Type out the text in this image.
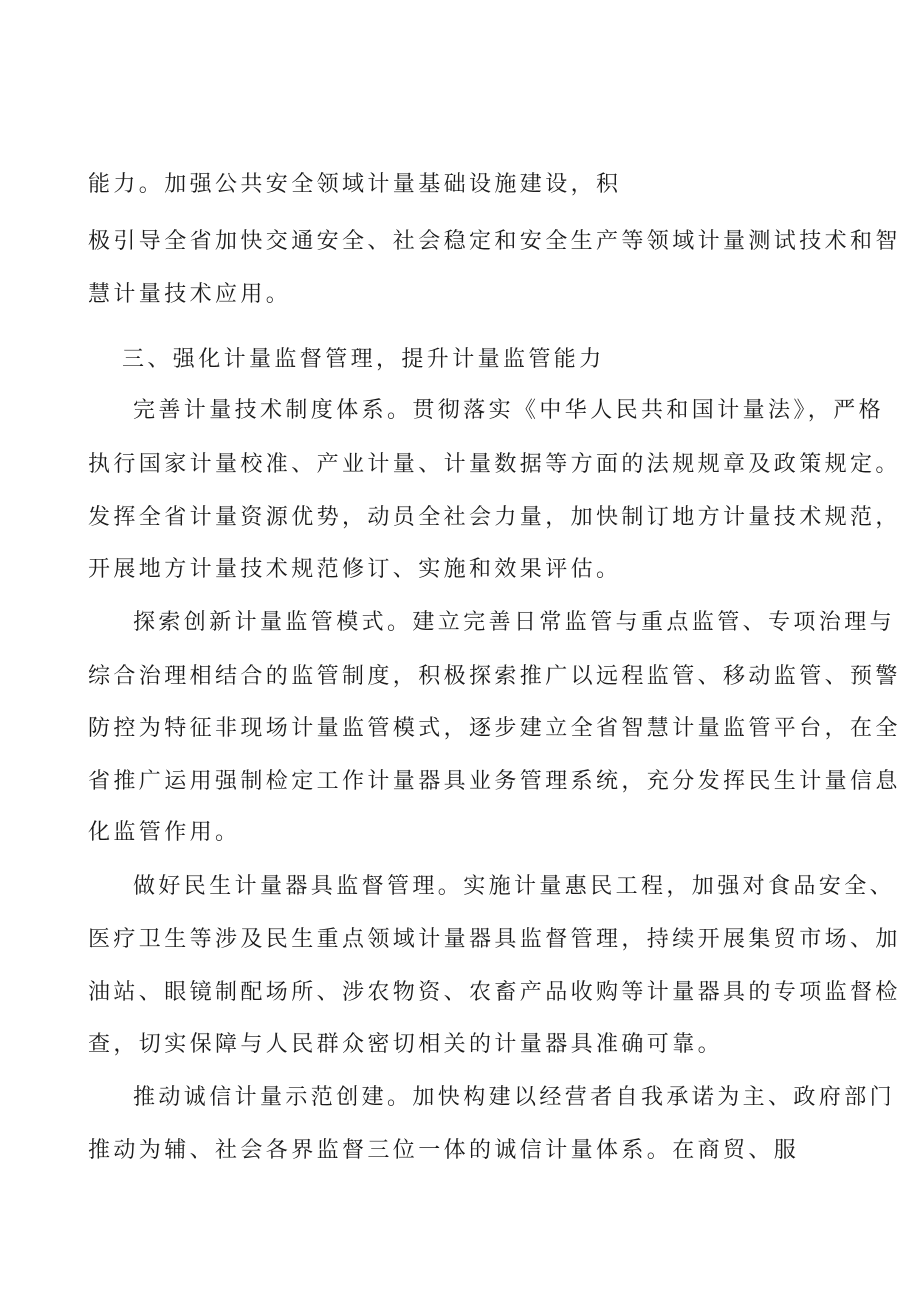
能力。加强公共安全领域计量基础设施建设，积
极引导全省加快交通安全、社会稳定和安全生产等领域计量测试技术和智
慧计量技术应用。
三、强化计量监督管理，提升计量监管能力
完善计量技术制度体系。贯彻落实《中华人民共和国计量法》，严格
执行国家计量校准、产业计量、计量数据等方面的法规规章及政策规定。
发挥全省计量资源优势，动员全社会力量，加快制订地方计量技术规范，
开展地方计量技术规范修订、实施和效果评估。
探索创新计量监管模式。建立完善日常监管与重点监管、专项治理与
综合治理相结合的监管制度，积极探索推广以远程监管、移动监管、预警
防控为特征非现场计量监管模式，逐步建立全省智慧计量监管平台，在全
省推广运用强制检定工作计量器具业务管理系统，充分发挥民生计量信息
化监管作用。
做好民生计量器具监督管理。实施计量惠民工程，加强对食品安全、
医疗卫生等涉及民生重点领域计量器具监督管理，持续开展集贸市场、加
油站、眼镜制配场所、涉农物资、农畜产品收购等计量器具的专项监督检
查，切实保障与人民群众密切相关的计量器具准确可靠。
推动诚信计量示范创建。加快构建以经营者自我承诺为主、政府部门
推动为辅、社会各界监督三位一体的诚信计量体系。在商贸、服
